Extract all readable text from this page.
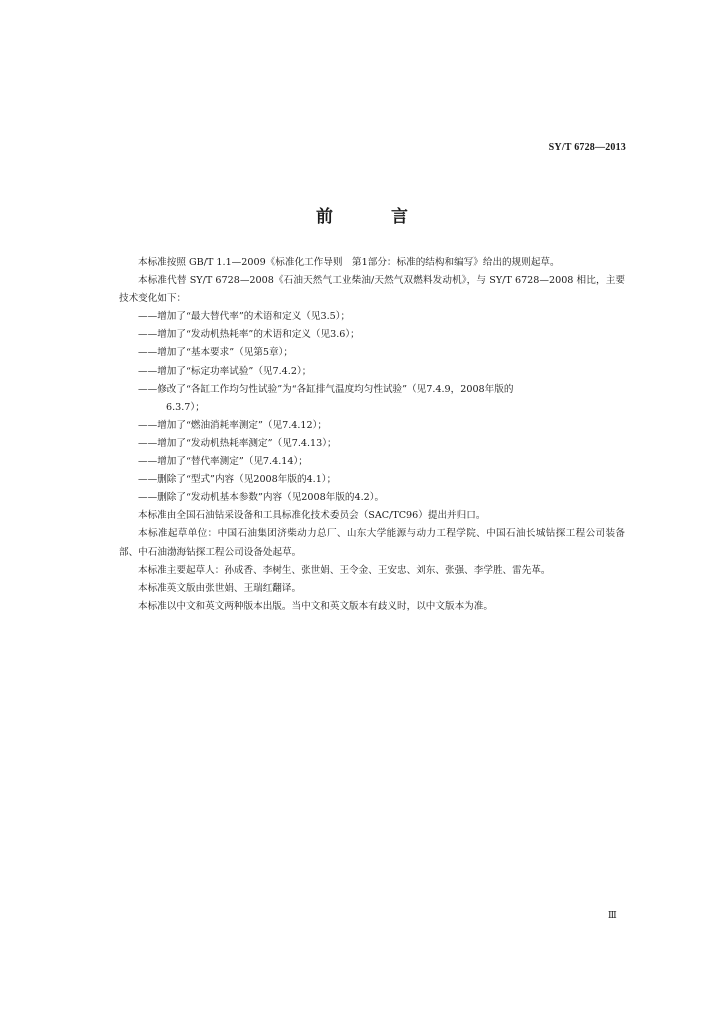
SY/T 6728—2013
前 言

本标准按照 GB/T 1.1—2009《标准化工作导则　第1部分：标准的结构和编写》给出的规则起草。

本标准代替 SY/T 6728—2008《石油天然气工业柴油/天然气双燃料发动机》，与 SY/T 6728—2008 相比，主要技术变化如下：

——增加了“最大替代率”的术语和定义（见3.5）；

——增加了“发动机热耗率”的术语和定义（见3.6）；

——增加了“基本要求”（见第5章）；

——增加了“标定功率试验”（见7.4.2）；

——修改了“各缸工作均匀性试验”为“各缸排气温度均匀性试验”（见7.4.9，2008年版的
6.3.7）；

——增加了“燃油消耗率测定”（见7.4.12）；

——增加了“发动机热耗率测定”（见7.4.13）；

——增加了“替代率测定”（见7.4.14）；

——删除了“型式”内容（见2008年版的4.1）；

——删除了“发动机基本参数”内容（见2008年版的4.2）。

本标准由全国石油钻采设备和工具标准化技术委员会（SAC/TC96）提出并归口。

本标准起草单位：中国石油集团济柴动力总厂、山东大学能源与动力工程学院、中国石油长城钻探工程公司装备部、中石油渤海钻探工程公司设备处起草。

本标准主要起草人：孙成香、李树生、张世娟、王令金、王安忠、刘东、张强、李学胜、雷先革。

本标准英文版由张世娟、王瑞红翻译。

本标准以中文和英文两种版本出版。当中文和英文版本有歧义时，以中文版本为准。

Ⅲ
